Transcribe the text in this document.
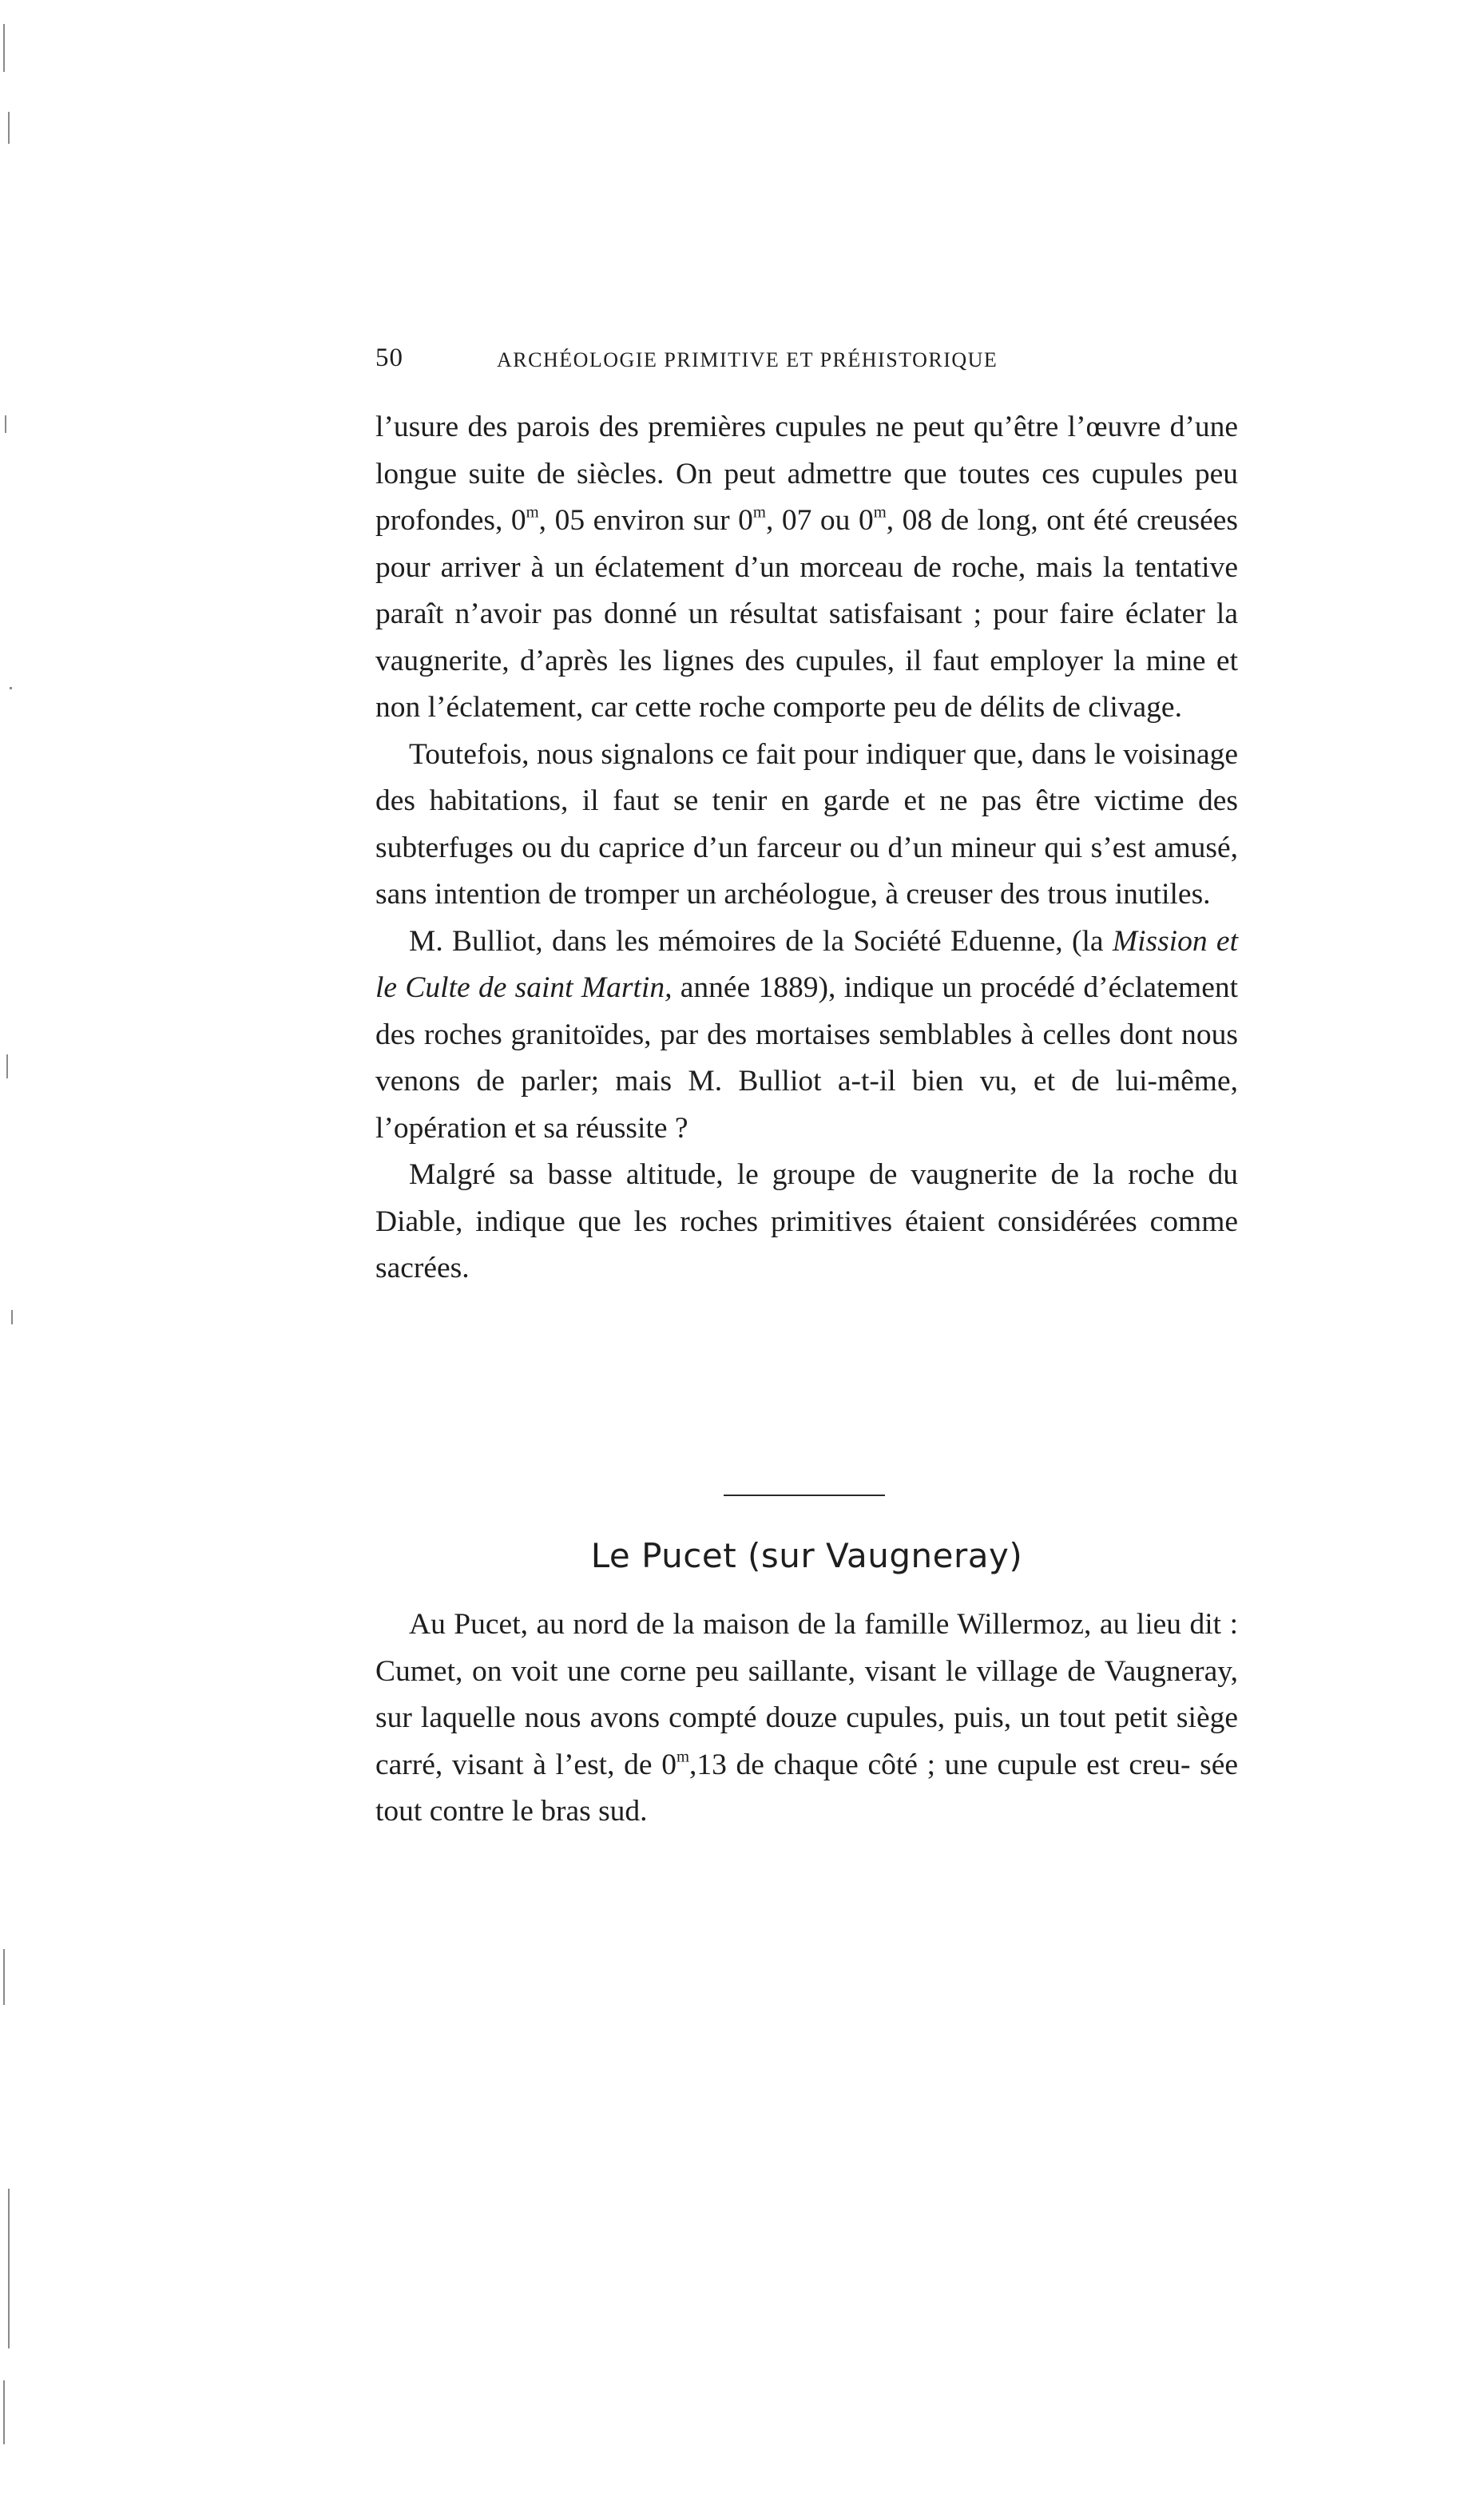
50	ARCHÉOLOGIE PRIMITIVE ET PRÉHISTORIQUE

l’usure des parois des premières cupules ne peut qu’être l’œuvre d’une longue suite de siècles. On peut admettre que toutes ces cupules peu profondes, 0$^m$, 05 environ sur 0$^m$, 07 ou 0$^m$, 08 de long, ont été creusées pour arriver à un éclatement d’un morceau de roche, mais la tentative paraît n’avoir pas donné un résultat satisfaisant ; pour faire éclater la vaugnerite, d’après les lignes des cupules, il faut employer la mine et non l’éclatement, car cette roche comporte peu de délits de clivage.

Toutefois, nous signalons ce fait pour indiquer que, dans le voisinage des habitations, il faut se tenir en garde et ne pas être victime des subterfuges ou du caprice d’un farceur ou d’un mineur qui s’est amusé, sans intention de tromper un archéologue, à creuser des trous inutiles.

M. Bulliot, dans les mémoires de la Société Eduenne, (la Mission et le Culte de saint Martin, année 1889), indique un procédé d’éclatement des roches granitoïdes, par des mortaises semblables à celles dont nous venons de parler; mais M. Bulliot a-t-il bien vu, et de lui-même, l’opération et sa réussite ?

Malgré sa basse altitude, le groupe de vaugnerite de la roche du Diable, indique que les roches primitives étaient considérées comme sacrées.

Le Pucet (sur Vaugneray)

Au Pucet, au nord de la maison de la famille Willermoz, au lieu dit : Cumet, on voit une corne peu saillante, visant le village de Vaugneray, sur laquelle nous avons compté douze cupules, puis, un tout petit siège carré, visant à l’est, de 0$^m$,13 de chaque côté ; une cupule est creu- sée tout contre le bras sud.
